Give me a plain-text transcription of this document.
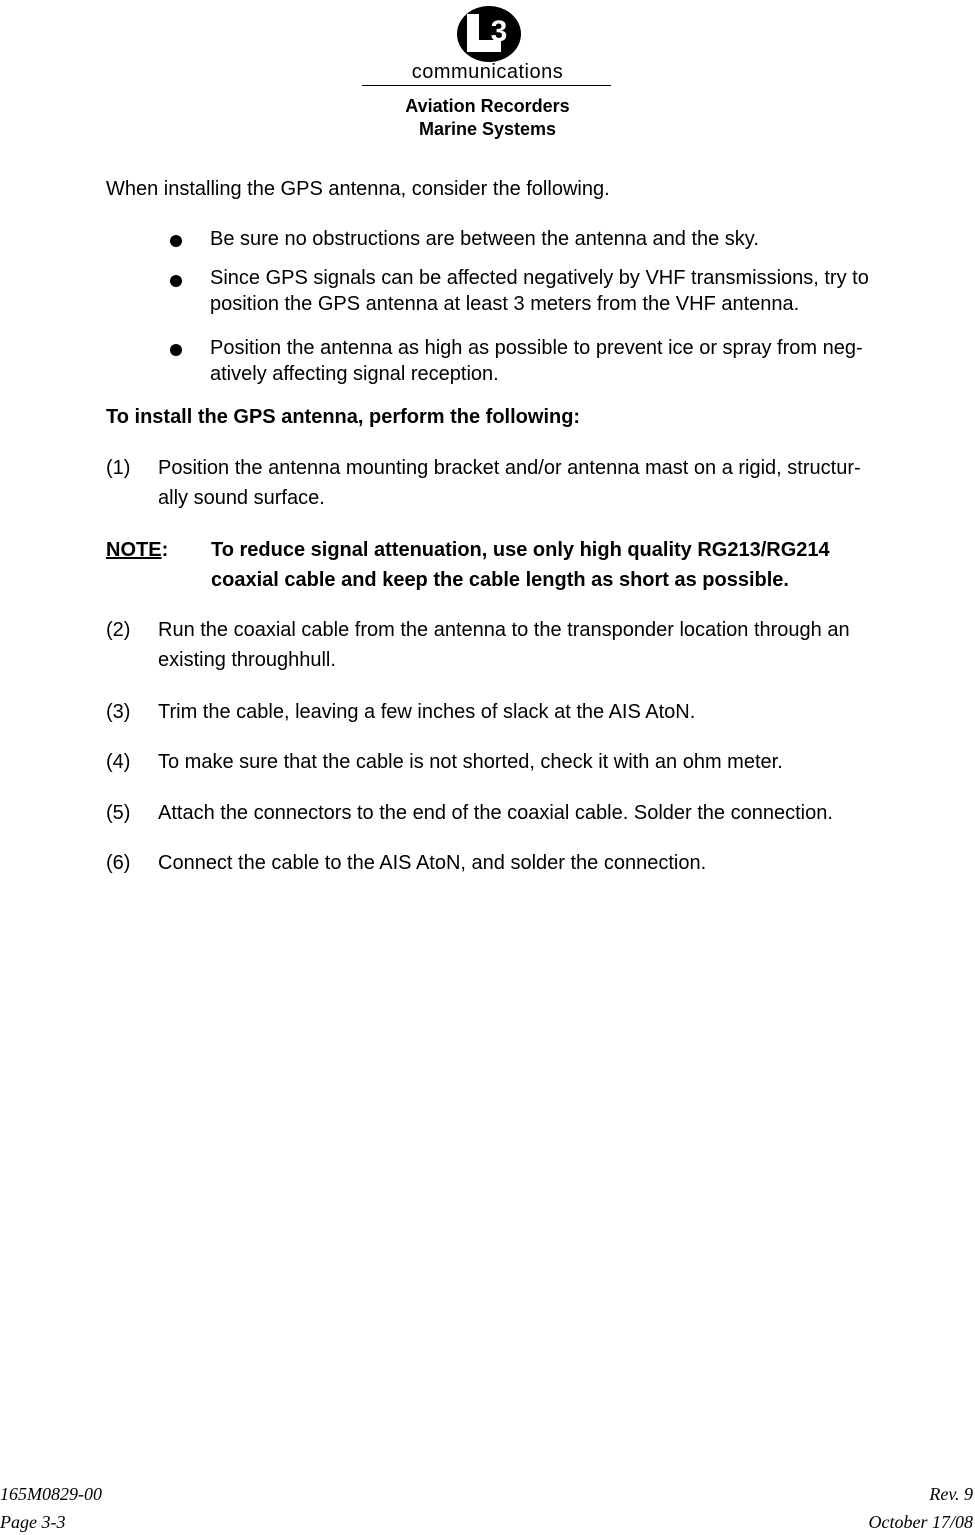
3
communications
Aviation Recorders
Marine Systems
When installing the GPS antenna, consider the following.
Be sure no obstructions are between the antenna and the sky.
Since GPS signals can be affected negatively by VHF transmissions, try to
position the GPS antenna at least 3 meters from the VHF antenna.
Position the antenna as high as possible to prevent ice or spray from neg-
atively affecting signal reception.
To install the GPS antenna, perform the following:
(1) Position the antenna mounting bracket and/or antenna mast on a rigid, structur-
ally sound surface.
NOTE: To reduce signal attenuation, use only high quality RG213/RG214
coaxial cable and keep the cable length as short as possible.
(2) Run the coaxial cable from the antenna to the transponder location through an
existing throughhull.
(3) Trim the cable, leaving a few inches of slack at the AIS AtoN.
(4) To make sure that the cable is not shorted, check it with an ohm meter.
(5) Attach the connectors to the end of the coaxial cable. Solder the connection.
(6) Connect the cable to the AIS AtoN, and solder the connection.
165M0829-00
Page 3-3
Rev. 9
October 17/08
